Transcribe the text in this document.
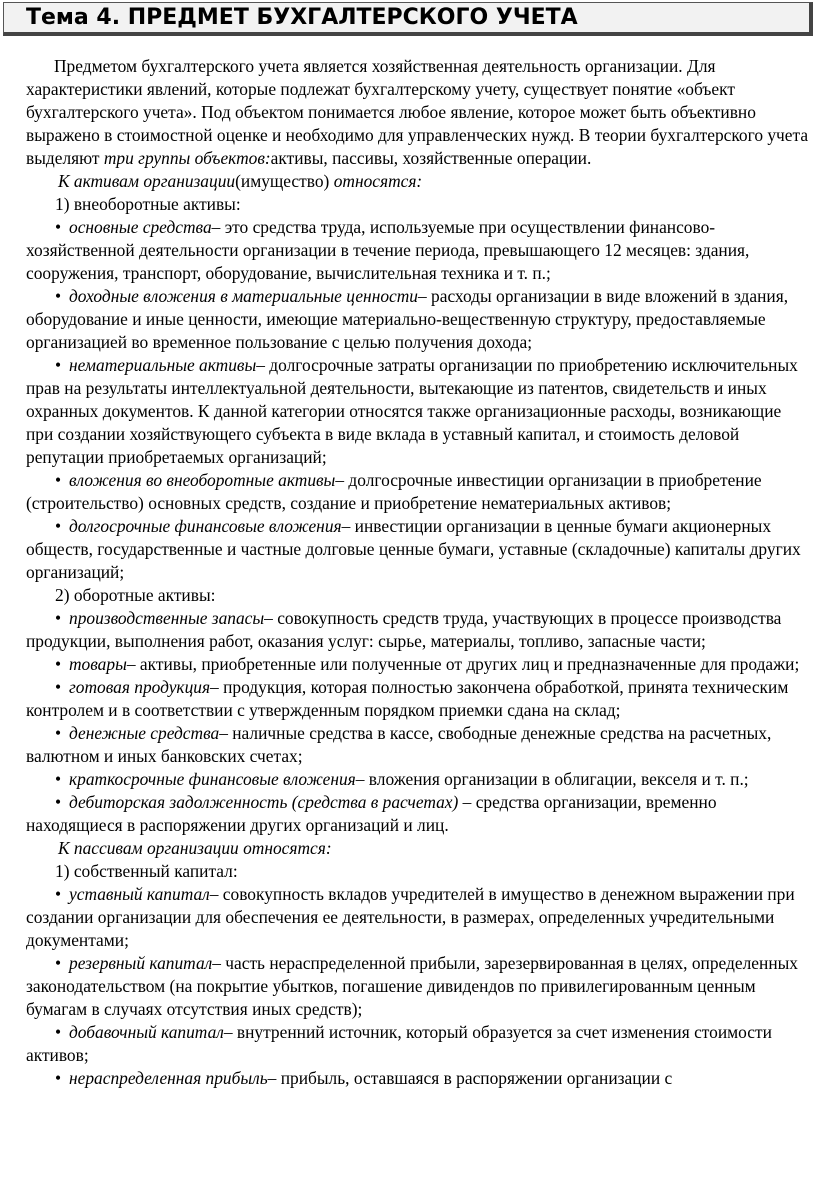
Тема 4. ПРЕДМЕТ БУХГАЛТЕРСКОГО УЧЕТА

Предметом бухгалтерского учета является хозяйственная деятельность организации. Для характеристики явлений, которые подлежат бухгалтерскому учету, существует понятие «объект бухгалтерского учета». Под объектом понимается любое явление, которое может быть объективно выражено в стоимостной оценке и необходимо для управленческих нужд. В теории бухгалтерского учета выделяют три группы объектов:активы, пассивы, хозяйственные операции.

К активам организации(имущество) относятся:

1) внеоборотные активы:

• основные средства– это средства труда, используемые при осуществлении финансово-хозяйственной деятельности организации в течение периода, превышающего 12 месяцев: здания, сооружения, транспорт, оборудование, вычислительная техника и т. п.;

• доходные вложения в материальные ценности– расходы организации в виде вложений в здания, оборудование и иные ценности, имеющие материально-вещественную структуру, предоставляемые организацией во временное пользование с целью получения дохода;

• нематериальные активы– долгосрочные затраты организации по приобретению исключительных прав на результаты интеллектуальной деятельности, вытекающие из патентов, свидетельств и иных охранных документов. К данной категории относятся также организационные расходы, возникающие при создании хозяйствующего субъекта в виде вклада в уставный капитал, и стоимость деловой репутации приобретаемых организаций;

• вложения во внеоборотные активы– долгосрочные инвестиции организации в приобретение (строительство) основных средств, создание и приобретение нематериальных активов;

• долгосрочные финансовые вложения– инвестиции организации в ценные бумаги акционерных обществ, государственные и частные долговые ценные бумаги, уставные (складочные) капиталы других организаций;

2) оборотные активы:

• производственные запасы– совокупность средств труда, участвующих в процессе производства продукции, выполнения работ, оказания услуг: сырье, материалы, топливо, запасные части;

• товары– активы, приобретенные или полученные от других лиц и предназначенные для продажи;

• готовая продукция– продукция, которая полностью закончена обработкой, принята техническим контролем и в соответствии с утвержденным порядком приемки сдана на склад;

• денежные средства– наличные средства в кассе, свободные денежные средства на расчетных, валютном и иных банковских счетах;

• краткосрочные финансовые вложения– вложения организации в облигации, векселя и т. п.;

• дебиторская задолженность (средства в расчетах) – средства организации, временно находящиеся в распоряжении других организаций и лиц.

К пассивам организации относятся:

1) собственный капитал:

• уставный капитал– совокупность вкладов учредителей в имущество в денежном выражении при создании организации для обеспечения ее деятельности, в размерах, определенных учредительными документами;

• резервный капитал– часть нераспределенной прибыли, зарезервированная в целях, определенных законодательством (на покрытие убытков, погашение дивидендов по привилегированным ценным бумагам в случаях отсутствия иных средств);

• добавочный капитал– внутренний источник, который образуется за счет изменения стоимости активов;

• нераспределенная прибыль– прибыль, оставшаяся в распоряжении организации с
